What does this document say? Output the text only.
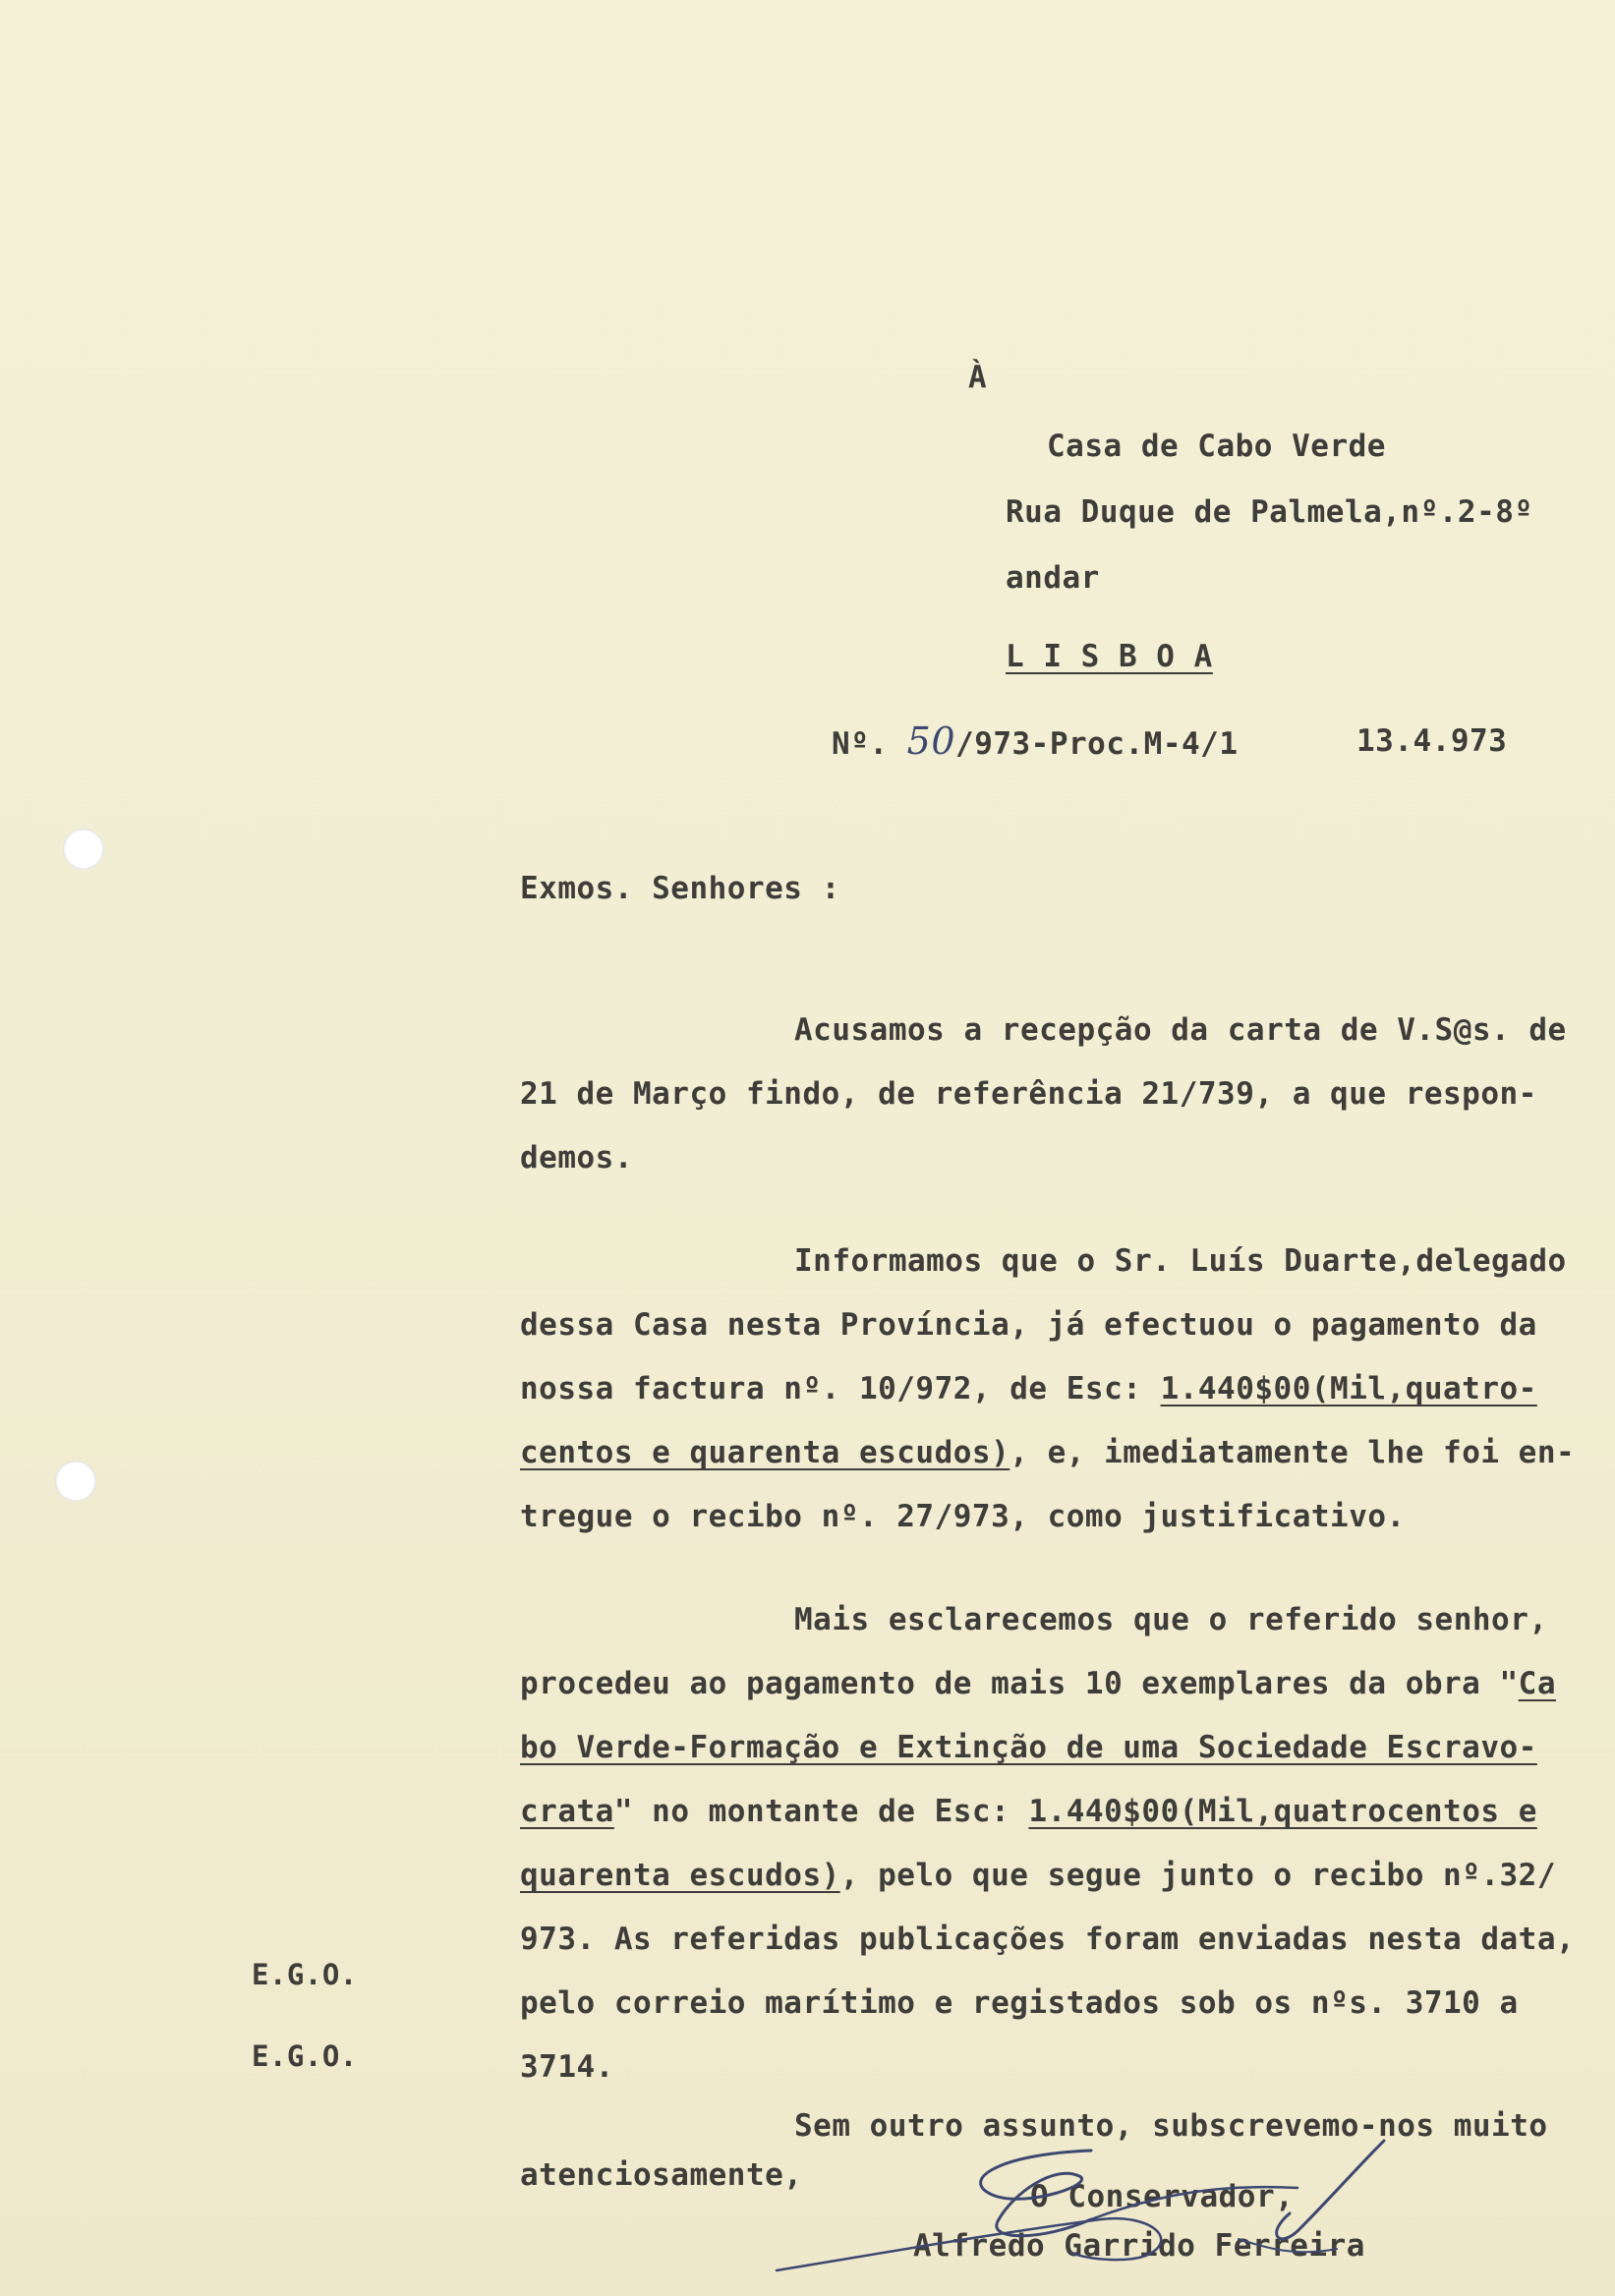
À
Casa de Cabo Verde
Rua Duque de Palmela,nº.2-8º
andar
L I S B O A
Nº. 50/973-Proc.M-4/1	13.4.973
Exmos. Senhores :
Acusamos a recepção da carta de V.S@s. de
21 de Março findo, de referência 21/739, a que respon-
demos.
Informamos que o Sr. Luís Duarte,delegado
dessa Casa nesta Província, já efectuou o pagamento da
nossa factura nº. 10/972, de Esc: 1.440$00(Mil,quatro-
centos e quarenta escudos), e, imediatamente lhe foi en-
tregue o recibo nº. 27/973, como justificativo.
Mais esclarecemos que o referido senhor,
procedeu ao pagamento de mais 10 exemplares da obra "Ca
bo Verde-Formação e Extinção de uma Sociedade Escravo-
crata" no montante de Esc: 1.440$00(Mil,quatrocentos e
quarenta escudos), pelo que segue junto o recibo nº.32/
973. As referidas publicações foram enviadas nesta data,
pelo correio marítimo e registados sob os nºs. 3710 a
3714.
Sem outro assunto, subscrevemo-nos muito
atenciosamente,
E.G.O.
E.G.O.
O Conservador,
Alfredo Garrido Ferreira
